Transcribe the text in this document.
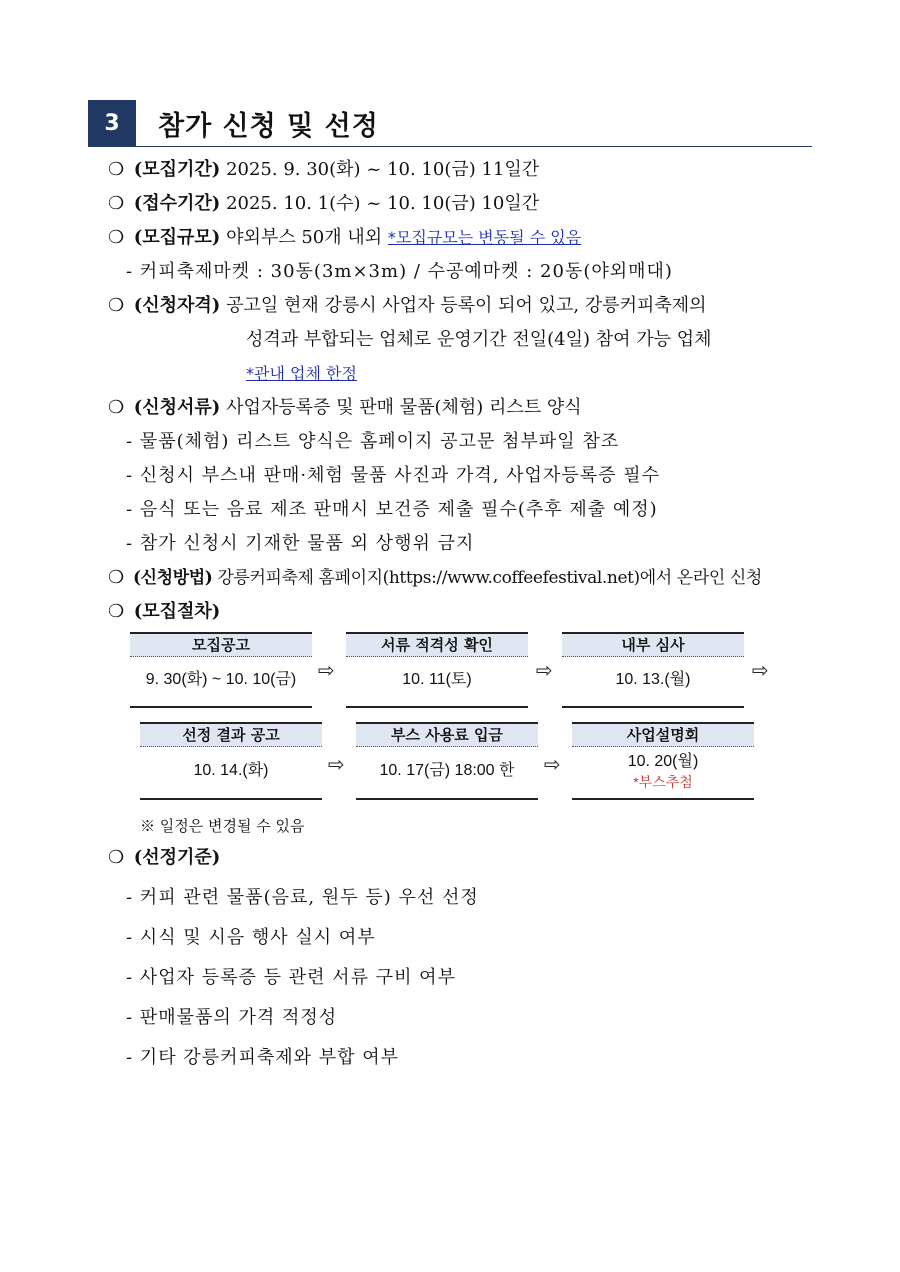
3	참가 신청 및 선정
❍ (모집기간) 2025. 9. 30(화) ~ 10. 10(금) 11일간
❍ (접수기간) 2025. 10. 1(수) ~ 10. 10(금) 10일간
❍ (모집규모) 야외부스 50개 내외 *모집규모는 변동될 수 있음
- 커피축제마켓 : 30동(3m×3m) / 수공예마켓 : 20동(야외매대)
❍ (신청자격) 공고일 현재 강릉시 사업자 등록이 되어 있고, 강릉커피축제의
성격과 부합되는 업체로 운영기간 전일(4일) 참여 가능 업체
*관내 업체 한정
❍ (신청서류) 사업자등록증 및 판매 물품(체험) 리스트 양식
- 물품(체험) 리스트 양식은 홈페이지 공고문 첨부파일 참조
- 신청시 부스내 판매·체험 물품 사진과 가격, 사업자등록증 필수
- 음식 또는 음료 제조 판매시 보건증 제출 필수(추후 제출 예정)
- 참가 신청시 기재한 물품 외 상행위 금지
❍ (신청방법) 강릉커피축제 홈페이지(https://www.coffeefestival.net)에서 온라인 신청
❍ (모집절차)
모집공고
9. 30(화) ~ 10. 10(금)	⇨
서류 적격성 확인
10. 11(토)	⇨
내부 심사
10. 13.(월)	⇨
선정 결과 공고
10. 14.(화)	⇨
부스 사용료 입금
10. 17(금) 18:00 한	⇨
사업설명회
10. 20(월)
*부스추첨
※ 일정은 변경될 수 있음
❍ (선정기준)
- 커피 관련 물품(음료, 원두 등) 우선 선정
- 시식 및 시음 행사 실시 여부
- 사업자 등록증 등 관련 서류 구비 여부
- 판매물품의 가격 적정성
- 기타 강릉커피축제와 부합 여부
